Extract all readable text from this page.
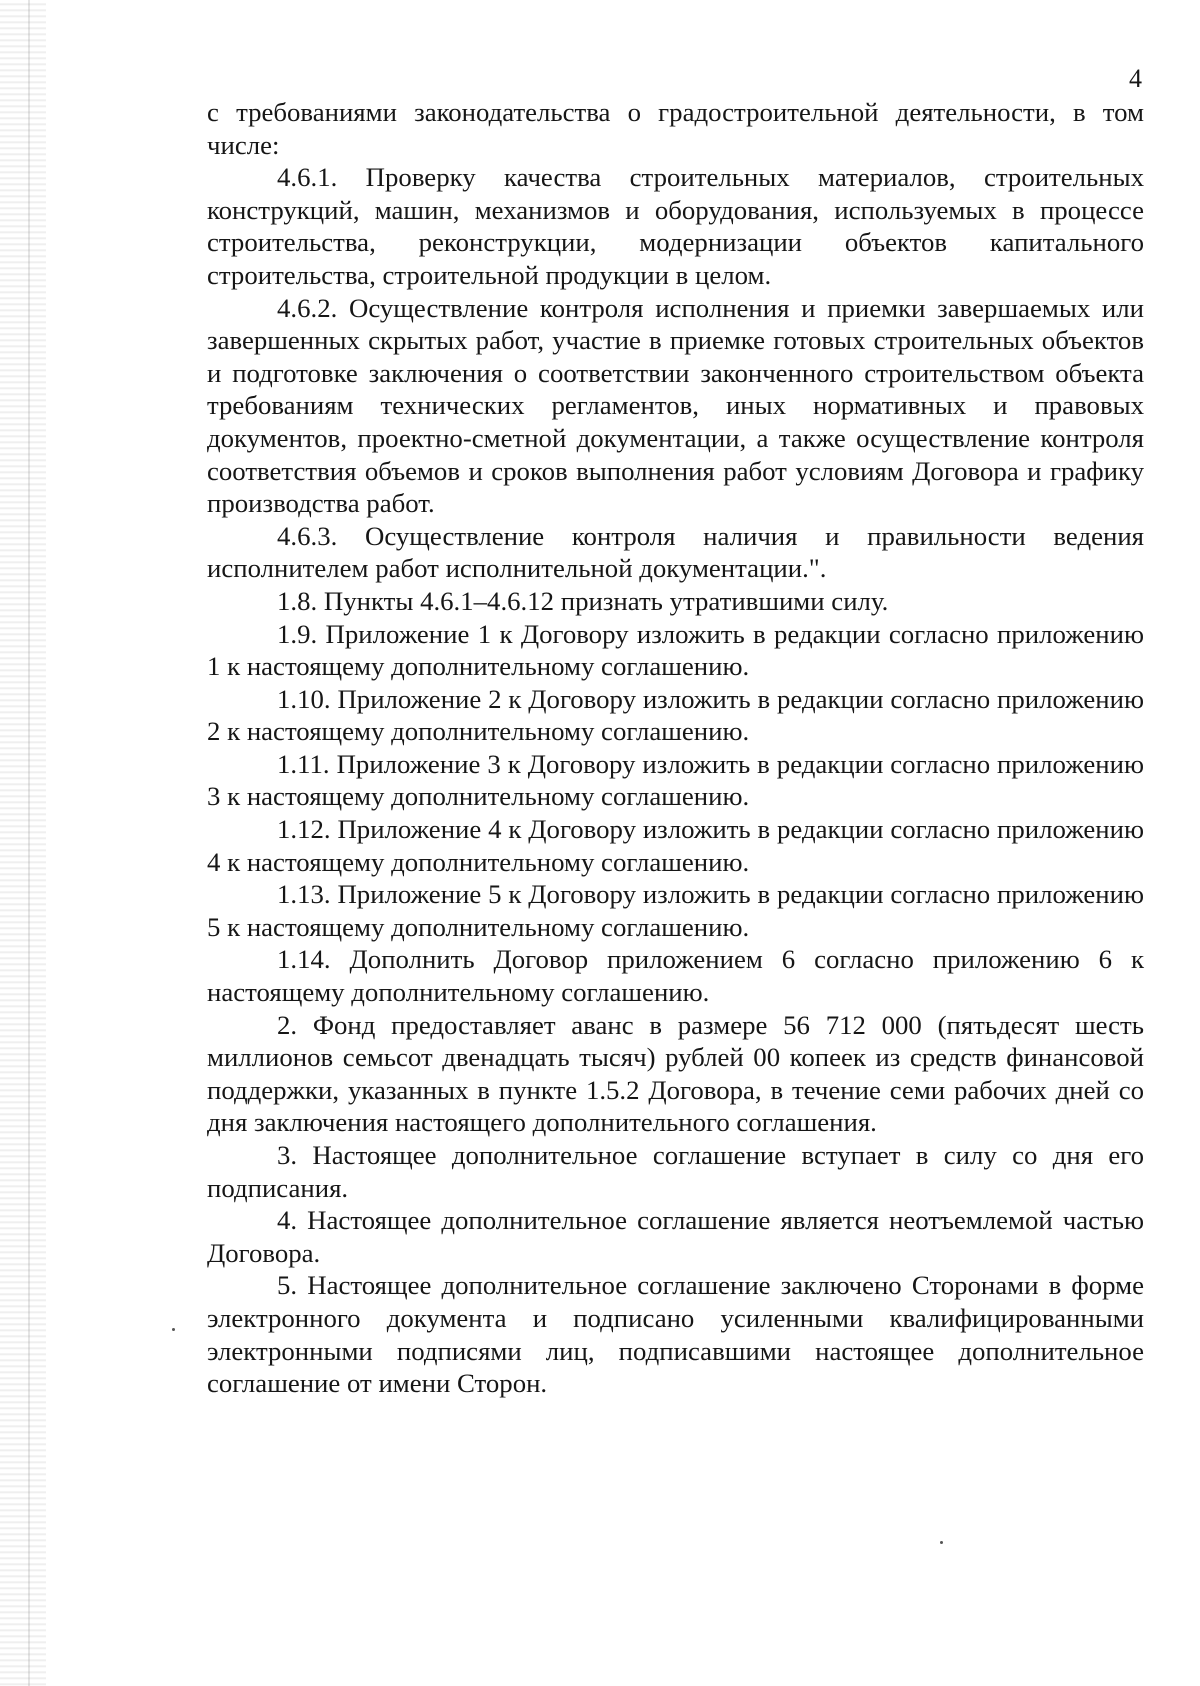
4

с требованиями законодательства о градостроительной деятельности, в том числе:

4.6.1. Проверку качества строительных материалов, строительных конструкций, машин, механизмов и оборудования, используемых в процессе строительства, реконструкции, модернизации объектов капитального строительства, строительной продукции в целом.

4.6.2. Осуществление контроля исполнения и приемки завершаемых или завершенных скрытых работ, участие в приемке готовых строительных объектов и подготовке заключения о соответствии законченного строительством объекта требованиям технических регламентов, иных нормативных и правовых документов, проектно-сметной документации, а также осуществление контроля соответствия объемов и сроков выполнения работ условиям Договора и графику производства работ.

4.6.3. Осуществление контроля наличия и правильности ведения исполнителем работ исполнительной документации.".

1.8. Пункты 4.6.1–4.6.12 признать утратившими силу.

1.9. Приложение 1 к Договору изложить в редакции согласно приложению 1 к настоящему дополнительному соглашению.

1.10. Приложение 2 к Договору изложить в редакции согласно приложению 2 к настоящему дополнительному соглашению.

1.11. Приложение 3 к Договору изложить в редакции согласно приложению 3 к настоящему дополнительному соглашению.

1.12. Приложение 4 к Договору изложить в редакции согласно приложению 4 к настоящему дополнительному соглашению.

1.13. Приложение 5 к Договору изложить в редакции согласно приложению 5 к настоящему дополнительному соглашению.

1.14. Дополнить Договор приложением 6 согласно приложению 6 к настоящему дополнительному соглашению.

2. Фонд предоставляет аванс в размере 56 712 000 (пятьдесят шесть миллионов семьсот двенадцать тысяч) рублей 00 копеек из средств финансовой поддержки, указанных в пункте 1.5.2 Договора, в течение семи рабочих дней со дня заключения настоящего дополнительного соглашения.

3. Настоящее дополнительное соглашение вступает в силу со дня его подписания.

4. Настоящее дополнительное соглашение является неотъемлемой частью Договора.

5. Настоящее дополнительное соглашение заключено Сторонами в форме электронного документа и подписано усиленными квалифицированными электронными подписями лиц, подписавшими настоящее дополнительное соглашение от имени Сторон.
